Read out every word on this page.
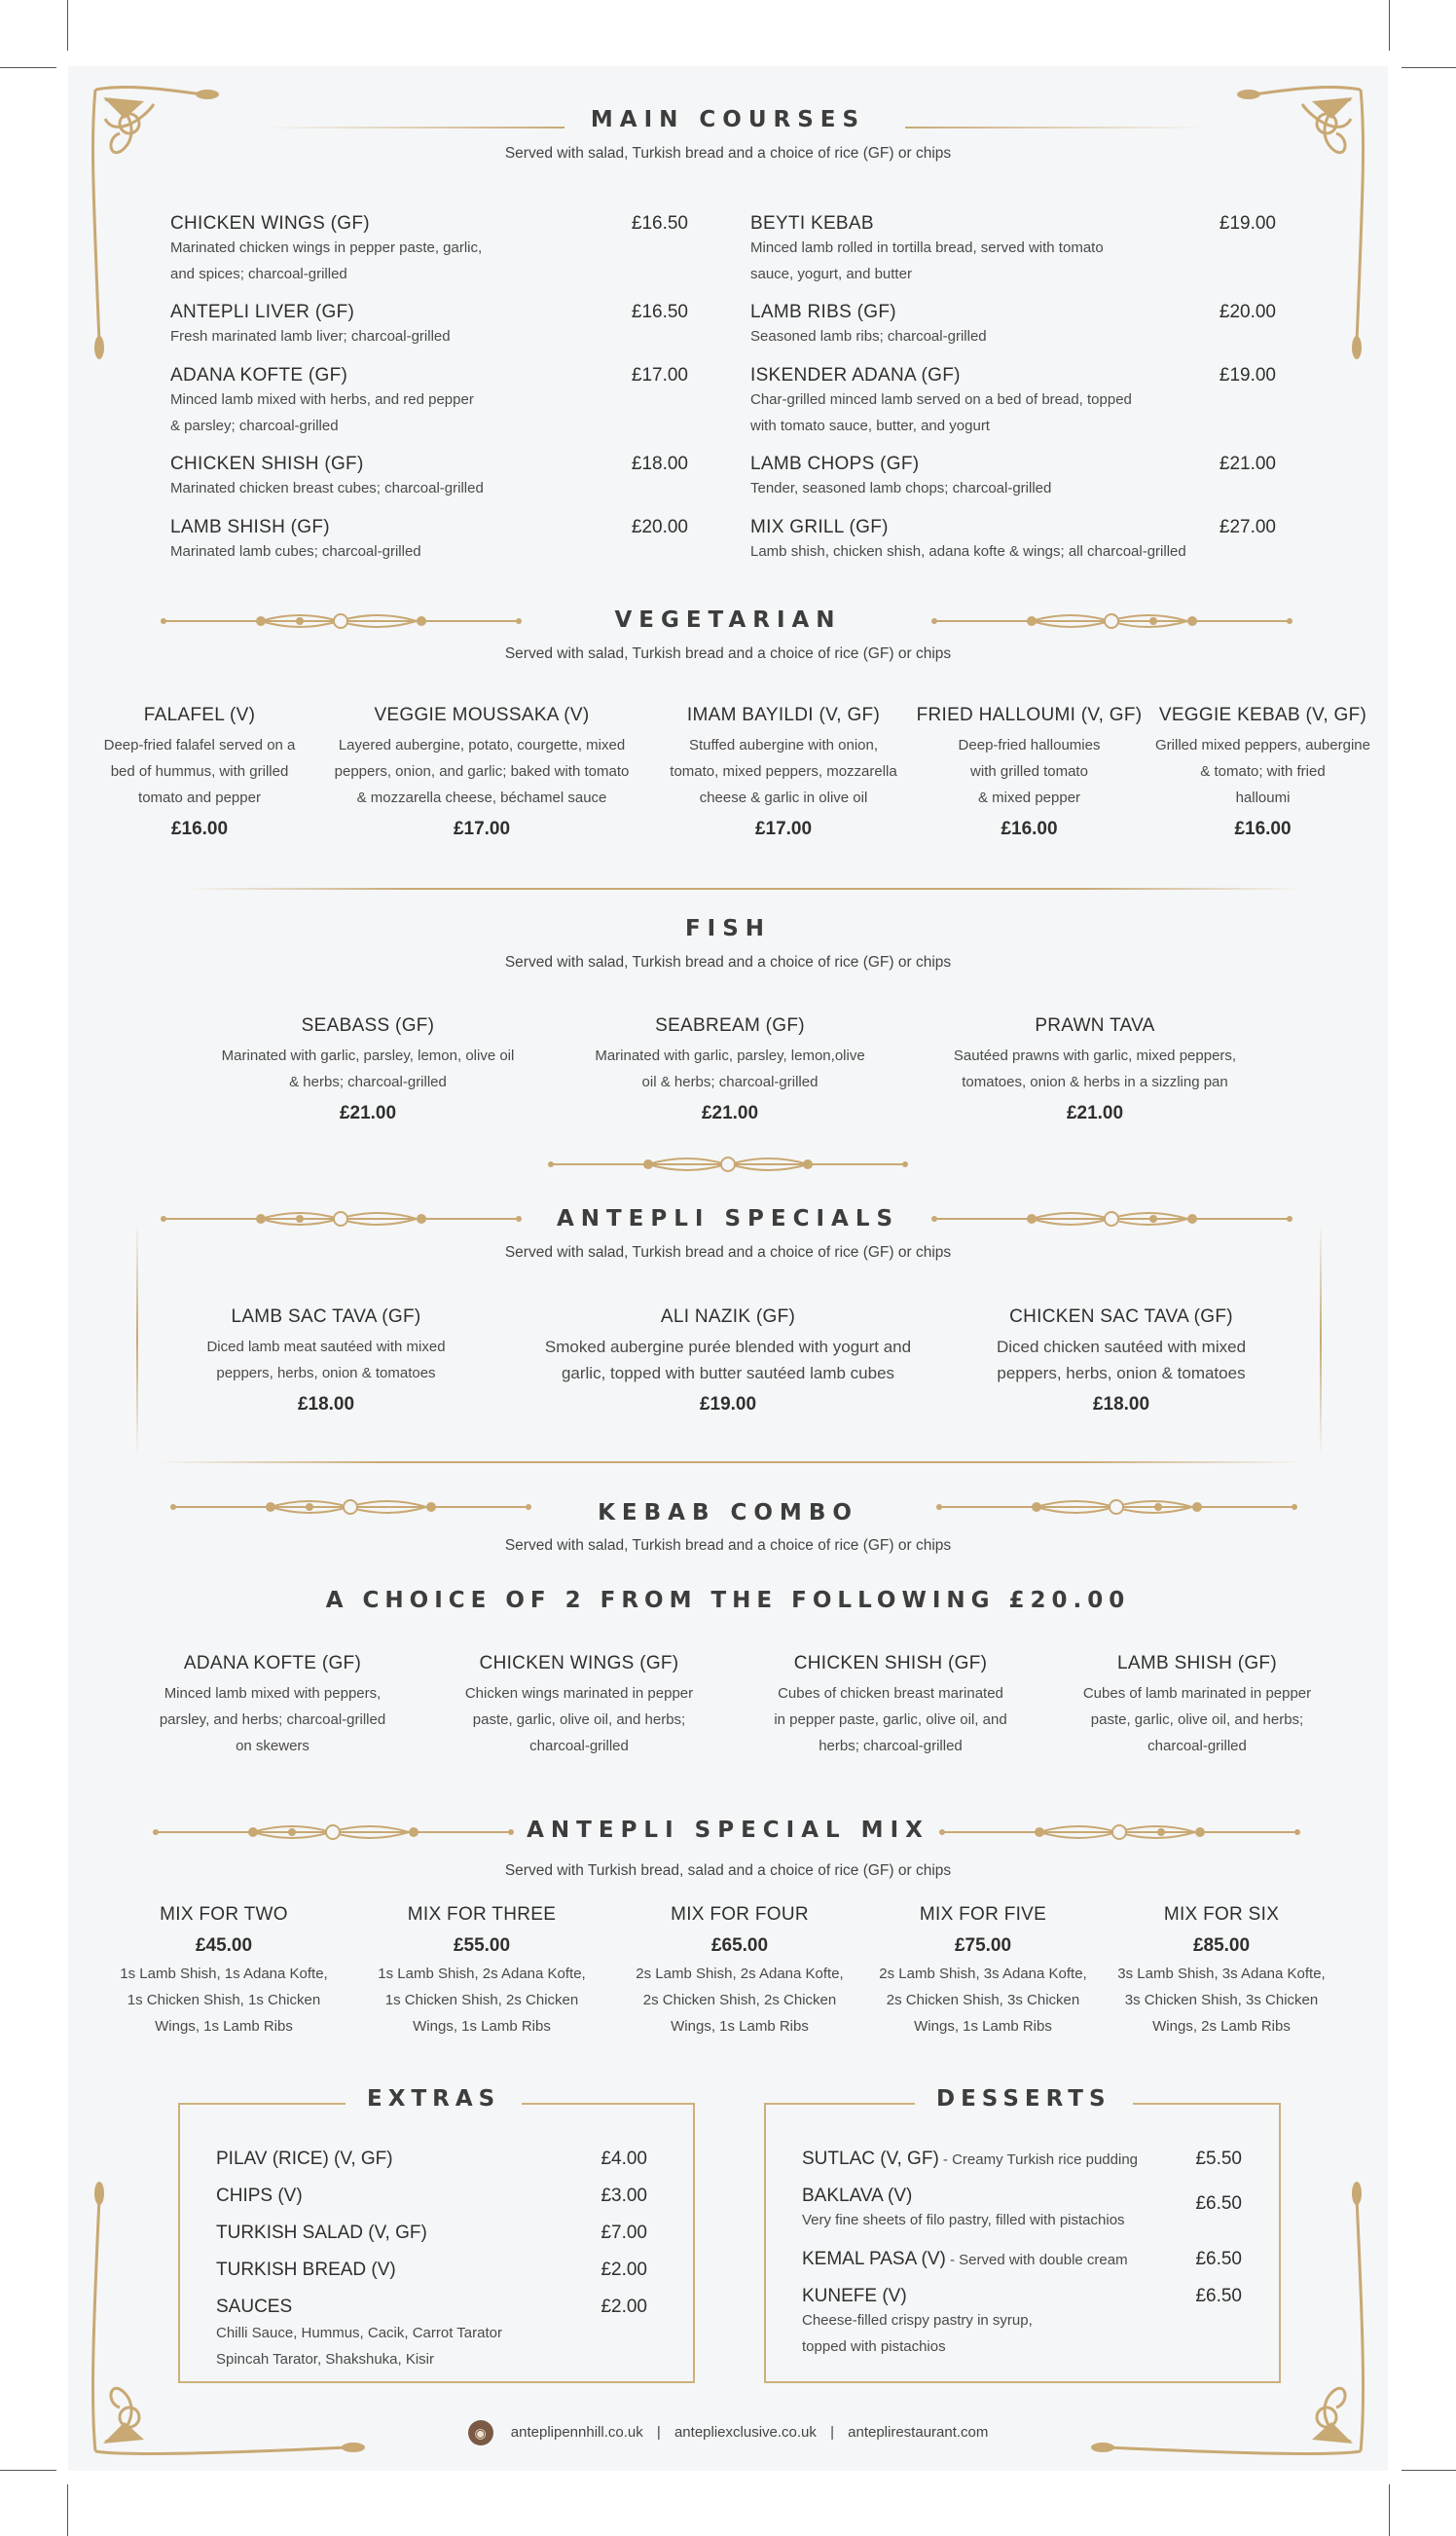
MAIN COURSES
Served with salad, Turkish bread and a choice of rice (GF) or chips
CHICKEN WINGS (GF)	£16.50
Marinated chicken wings in pepper paste, garlic,
and spices; charcoal-grilled
ANTEPLI LIVER (GF)	£16.50
Fresh marinated lamb liver; charcoal-grilled
ADANA KOFTE (GF)	£17.00
Minced lamb mixed with herbs, and red pepper
& parsley; charcoal-grilled
CHICKEN SHISH (GF)	£18.00
Marinated chicken breast cubes; charcoal-grilled
LAMB SHISH (GF)	£20.00
Marinated lamb cubes; charcoal-grilled
BEYTI KEBAB	£19.00
Minced lamb rolled in tortilla bread, served with tomato
sauce, yogurt, and butter
LAMB RIBS (GF)	£20.00
Seasoned lamb ribs; charcoal-grilled
ISKENDER ADANA (GF)	£19.00
Char-grilled minced lamb served on a bed of bread, topped
with tomato sauce, butter, and yogurt
LAMB CHOPS (GF)	£21.00
Tender, seasoned lamb chops; charcoal-grilled
MIX GRILL (GF)	£27.00
Lamb shish, chicken shish, adana kofte & wings; all charcoal-grilled
VEGETARIAN
Served with salad, Turkish bread and a choice of rice (GF) or chips
FALAFEL (V)
Deep-fried falafel served on a
bed of hummus, with grilled
tomato and pepper
£16.00
VEGGIE MOUSSAKA (V)
Layered aubergine, potato, courgette, mixed
peppers, onion, and garlic; baked with tomato
& mozzarella cheese, béchamel sauce
£17.00
IMAM BAYILDI (V, GF)
Stuffed aubergine with onion,
tomato, mixed peppers, mozzarella
cheese & garlic in olive oil
£17.00
FRIED HALLOUMI (V, GF)
Deep-fried halloumies
with grilled tomato
& mixed pepper
£16.00
VEGGIE KEBAB (V, GF)
Grilled mixed peppers, aubergine
& tomato; with fried
halloumi
£16.00
FISH
Served with salad, Turkish bread and a choice of rice (GF) or chips
SEABASS (GF)
Marinated with garlic, parsley, lemon, olive oil
& herbs; charcoal-grilled
£21.00
SEABREAM (GF)
Marinated with garlic, parsley, lemon,olive
oil & herbs; charcoal-grilled
£21.00
PRAWN TAVA
Sautéed prawns with garlic, mixed peppers,
tomatoes, onion & herbs in a sizzling pan
£21.00
ANTEPLI SPECIALS
Served with salad, Turkish bread and a choice of rice (GF) or chips
LAMB SAC TAVA (GF)
Diced lamb meat sautéed with mixed
peppers, herbs, onion & tomatoes
£18.00
ALI NAZIK (GF)
Smoked aubergine purée blended with yogurt and
garlic, topped with butter sautéed lamb cubes
£19.00
CHICKEN SAC TAVA (GF)
Diced chicken sautéed with mixed
peppers, herbs, onion & tomatoes
£18.00
KEBAB COMBO
Served with salad, Turkish bread and a choice of rice (GF) or chips
A CHOICE OF 2 FROM THE FOLLOWING £20.00
ADANA KOFTE (GF)
Minced lamb mixed with peppers,
parsley, and herbs; charcoal-grilled
on skewers
CHICKEN WINGS (GF)
Chicken wings marinated in pepper
paste, garlic, olive oil, and herbs;
charcoal-grilled
CHICKEN SHISH (GF)
Cubes of chicken breast marinated
in pepper paste, garlic, olive oil, and
herbs; charcoal-grilled
LAMB SHISH (GF)
Cubes of lamb marinated in pepper
paste, garlic, olive oil, and herbs;
charcoal-grilled
ANTEPLI SPECIAL MIX
Served with Turkish bread, salad and a choice of rice (GF) or chips
MIX FOR TWO
£45.00
1s Lamb Shish, 1s Adana Kofte,
1s Chicken Shish, 1s Chicken
Wings, 1s Lamb Ribs
MIX FOR THREE
£55.00
1s Lamb Shish, 2s Adana Kofte,
1s Chicken Shish, 2s Chicken
Wings, 1s Lamb Ribs
MIX FOR FOUR
£65.00
2s Lamb Shish, 2s Adana Kofte,
2s Chicken Shish, 2s Chicken
Wings, 1s Lamb Ribs
MIX FOR FIVE
£75.00
2s Lamb Shish, 3s Adana Kofte,
2s Chicken Shish, 3s Chicken
Wings, 1s Lamb Ribs
MIX FOR SIX
£85.00
3s Lamb Shish, 3s Adana Kofte,
3s Chicken Shish, 3s Chicken
Wings, 2s Lamb Ribs
EXTRAS
PILAV (RICE) (V, GF)	£4.00
CHIPS (V)	£3.00
TURKISH SALAD (V, GF)	£7.00
TURKISH BREAD (V)	£2.00
SAUCES	£2.00
Chilli Sauce, Hummus, Cacik, Carrot Tarator
Spincah Tarator, Shakshuka, Kisir
DESSERTS
SUTLAC (V, GF) - Creamy Turkish rice pudding	£5.50
BAKLAVA (V)	£6.50
Very fine sheets of filo pastry, filled with pistachios
KEMAL PASA (V) - Served with double cream	£6.50
KUNEFE (V)	£6.50
Cheese-filled crispy pastry in syrup,
topped with pistachios
◉ anteplipennhill.co.uk | antepliexclusive.co.uk | anteplirestaurant.com
